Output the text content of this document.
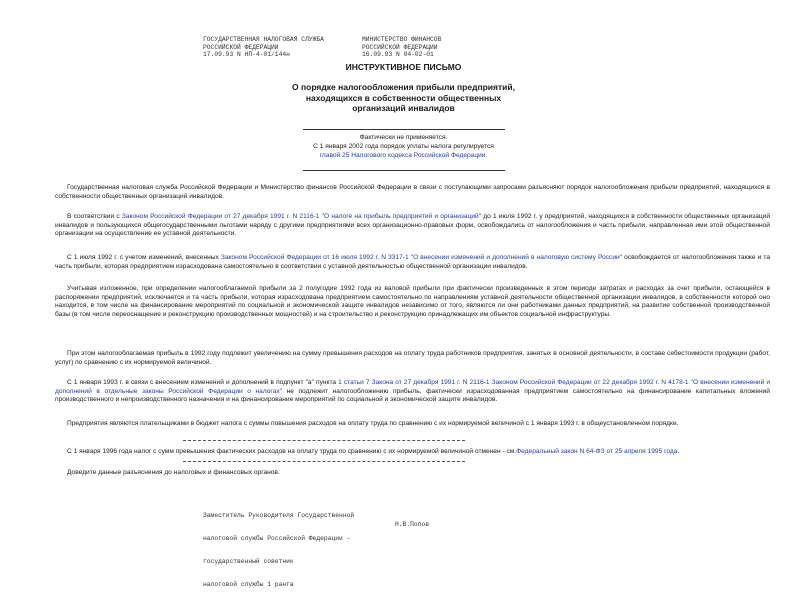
ГОСУДАРСТВЕННАЯ НАЛОГОВАЯ СЛУЖБА
РОССИЙСКОЙ ФЕДЕРАЦИИ
17.09.93 N НП-4-01/144н
МИНИСТЕРСТВО ФИНАНСОВ
РОССИЙСКОЙ ФЕДЕРАЦИИ
16.09.93 N 04-02-01
ИНСТРУКТИВНОЕ ПИСЬМО
О порядке налогообложения прибыли предприятий,
находящихся в собственности общественных
организаций инвалидов
Фактически не применяется.
С 1 января 2002 года порядок уплаты налога регулируется
главой 25 Налогового кодекса Российской Федерации.
Государственная налоговая служба Российской Федерации и Министерство финансов Российской Федерации в связи с поступающими запросами разъясняют порядок налогообложения прибыли предприятий, находящихся в собственности общественных организаций инвалидов.
В соответствии с Законом Российской Федерации от 27 декабря 1991 г. N 2116-1 "О налоге на прибыль предприятий и организаций" до 1 июля 1992 г. у предприятий, находящихся в собственности общественных организаций инвалидов и пользующихся общегосударственными льготами наряду с другими предприятиями всех организационно-правовых форм, освобождались от налогообложения и часть прибыли, направленная ими этой общественной организации на осуществление ее уставной деятельности.
С 1 июля 1992 г. с учетом изменений, внесенных Законом Российской Федерации от 16 июля 1992 г. N 3317-1 "О внесении изменений и дополнений в налоговую систему России" освобождается от налогообложения также и та часть прибыли, которая предприятием израсходована самостоятельно в соответствии с уставной деятельностью общественной организации инвалидов.
Учитывая изложенное, при определении налогооблагаемой прибыли за 2 полугодие 1992 года из валовой прибыли при фактически произведенных в этом периоде затратах и расходах за счет прибыли, остающейся в распоряжении предприятий, исключается и та часть прибыли, которая израсходована предприятием самостоятельно по направлениям уставной деятельности общественной организации инвалидов, в собственности которой оно находится, в том числе на финансирование мероприятий по социальной и экономической защите инвалидов независимо от того, являются ли они работниками данных предприятий, на развитие собственной производственной базы (в том числе переоснащение и реконструкцию производственных мощностей) и на строительство и реконструкцию принадлежащих им объектов социальной инфраструктуры.
При этом налогооблагаемая прибыль в 1992 году подлежит увеличению на сумму превышения расходов на оплату труда работников предприятия, занятых в основной деятельности, в составе себестоимости продукции (работ, услуг) по сравнению с их нормируемой величиной.
С 1 января 1993 г. в связи с внесением изменений и дополнений в подпункт "а" пункта 1 статьи 7 Закона от 27 декабря 1991 г. N 2116-1 Законом Российской Федерации от 22 декабря 1992 г. N 4178-1 "О внесении изменений и дополнений в отдельные законы Российской Федерации о налогах" не подлежит налогообложению прибыль, фактически израсходованная предприятием самостоятельно на финансирование капитальных вложений производственного и непроизводственного назначения и на финансирование мероприятий по социальной и экономической защите инвалидов.
Предприятия являются плательщиками в бюджет налога с суммы повышения расходов на оплату труда по сравнению с их нормируемой величиной с 1 января 1993 г. в общеустановленном порядке.
С 1 января 1996 года налог с сумм превышения фактических расходов на оплату труда по сравнению с их нормируемой величиной отменен - см.Федеральный закон N 64-ФЗ от 25 апреля 1995 года.
Доведите данные разъяснения до налоговых и финансовых органов.

Заместитель Руководителя Государственной

налоговой службы Российской Федерации -

государственный советник

налоговой службы 1 ранга

Н.В.Попов
